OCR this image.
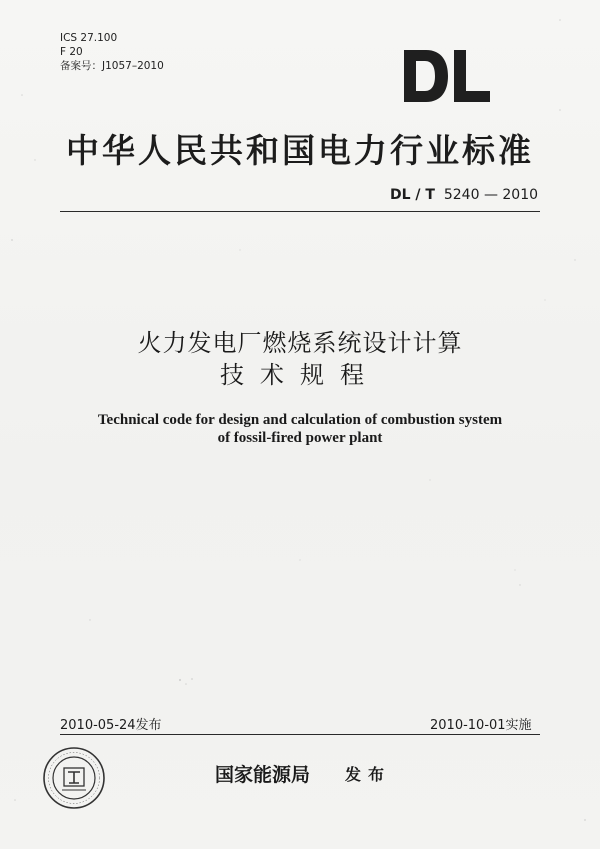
ICS 27.100
F 20
备案号：J1057–2010
中华人民共和国电力行业标准
DL / T 5240 — 2010
火力发电厂燃烧系统设计计算
技术规程
Technical code for design and calculation of combustion system
of fossil-fired power plant
2010-05-24发布	2010-10-01实施
国家能源局 发布
